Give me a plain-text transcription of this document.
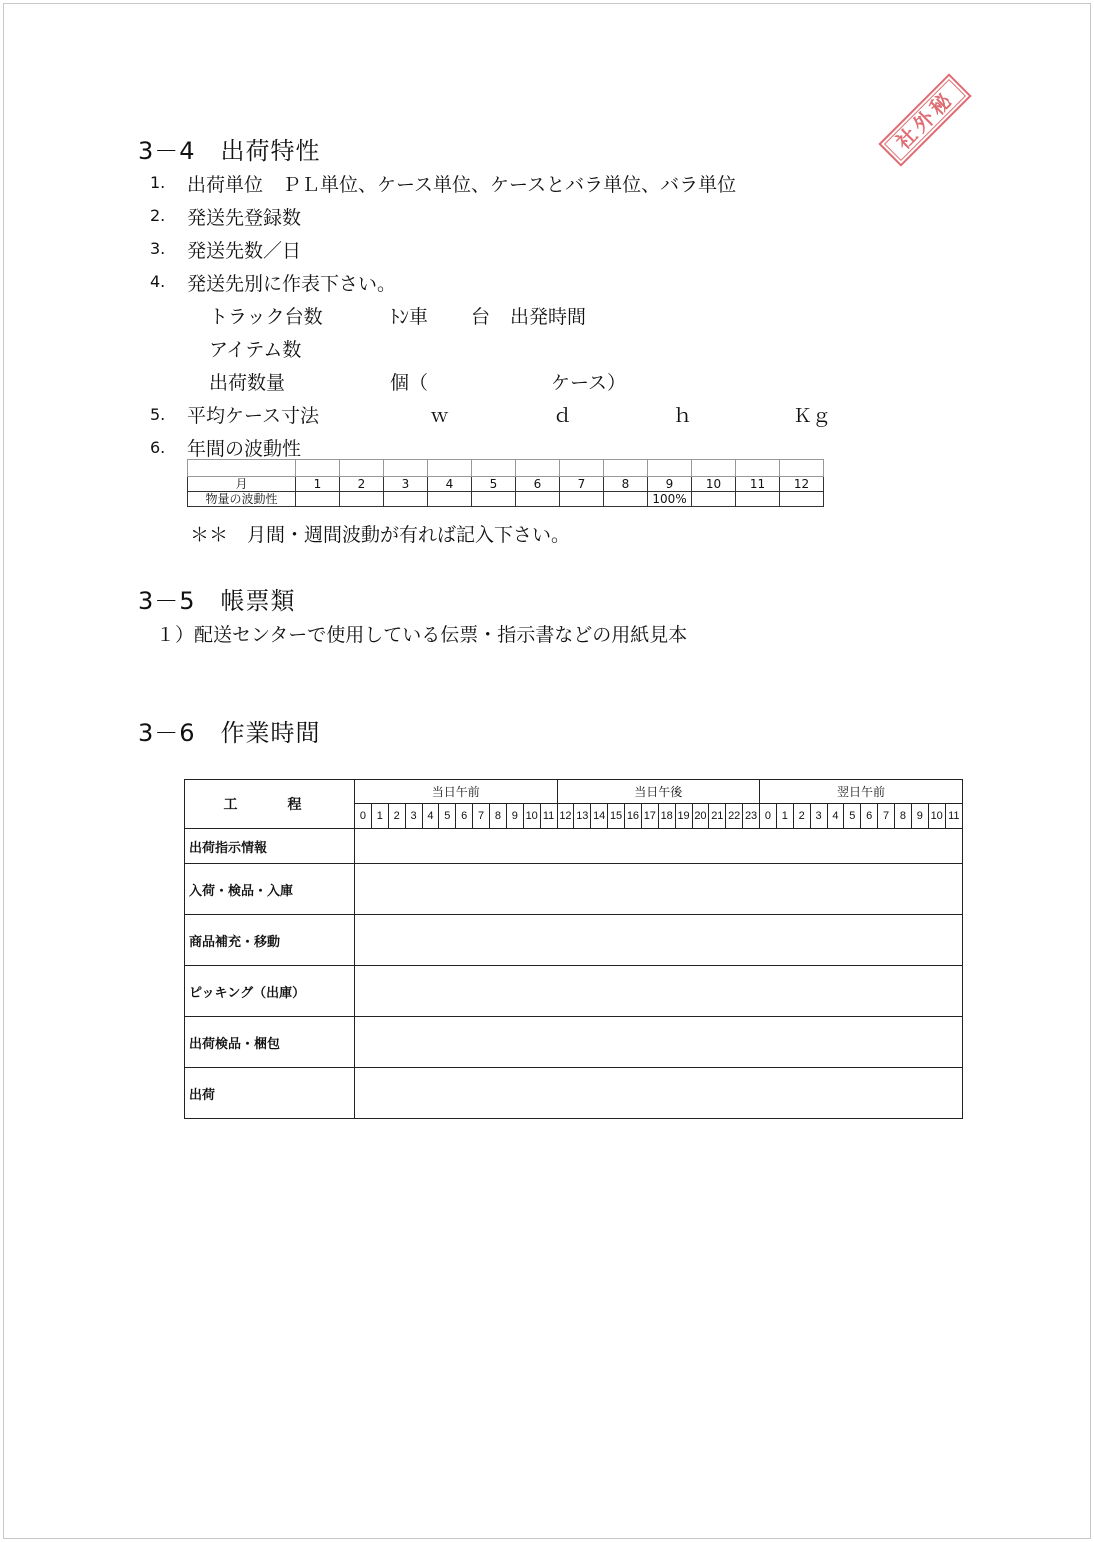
社外秘
3－4　出荷特性
1. 出荷単位　ＰＬ単位、ケース単位、ケースとバラ単位、バラ単位
2. 発送先登録数
3. 発送先数／日
4. 発送先別に作表下さい。
トラック台数	ﾄﾝ車 台 出発時間
アイテム数
出荷数量	個（	ケース）
5. 平均ケース寸法	ｗ	ｄ	ｈ	Ｋｇ
6. 年間の波動性

月	1	2	3	4	5	6	7	8	9	10	11	12
物量の波動性									100%			
＊＊　月間・週間波動が有れば記入下さい。
3－5　帳票類
１）配送センターで使用している伝票・指示書などの用紙見本
3－6　作業時間
工　程	当日午前												当日午後												翌日午前											
	0	1	2	3	4	5	6	7	8	9	10	11	12	13	14	15	16	17	18	19	20	21	22	23	0	1	2	3	4	5	6	7	8	9	10	11
出荷指示情報																																				
入荷・検品・入庫																																				
商品補充・移動																																				
ピッキング（出庫）																																				
出荷検品・梱包																																				
出荷																																				
